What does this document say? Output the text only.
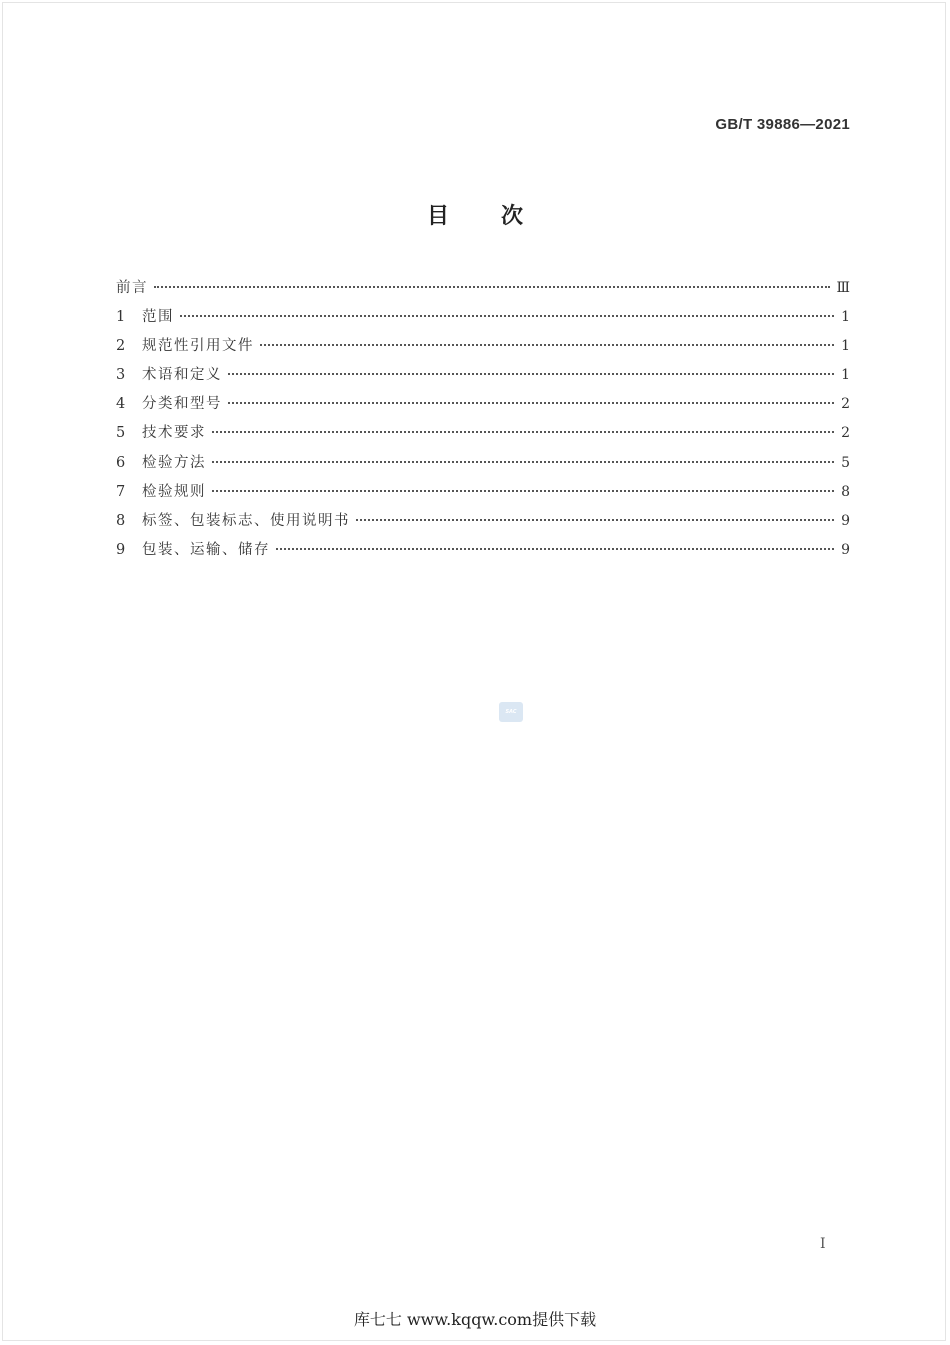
GB/T 39886—2021
目次
前言	Ⅲ
1	范围	1
2	规范性引用文件	1
3	术语和定义	1
4	分类和型号	2
5	技术要求	2
6	检验方法	5
7	检验规则	8
8	标签、包装标志、使用说明书	9
9	包装、运输、储存	9
SAC
I
库七七 www.kqqw.com提供下载
